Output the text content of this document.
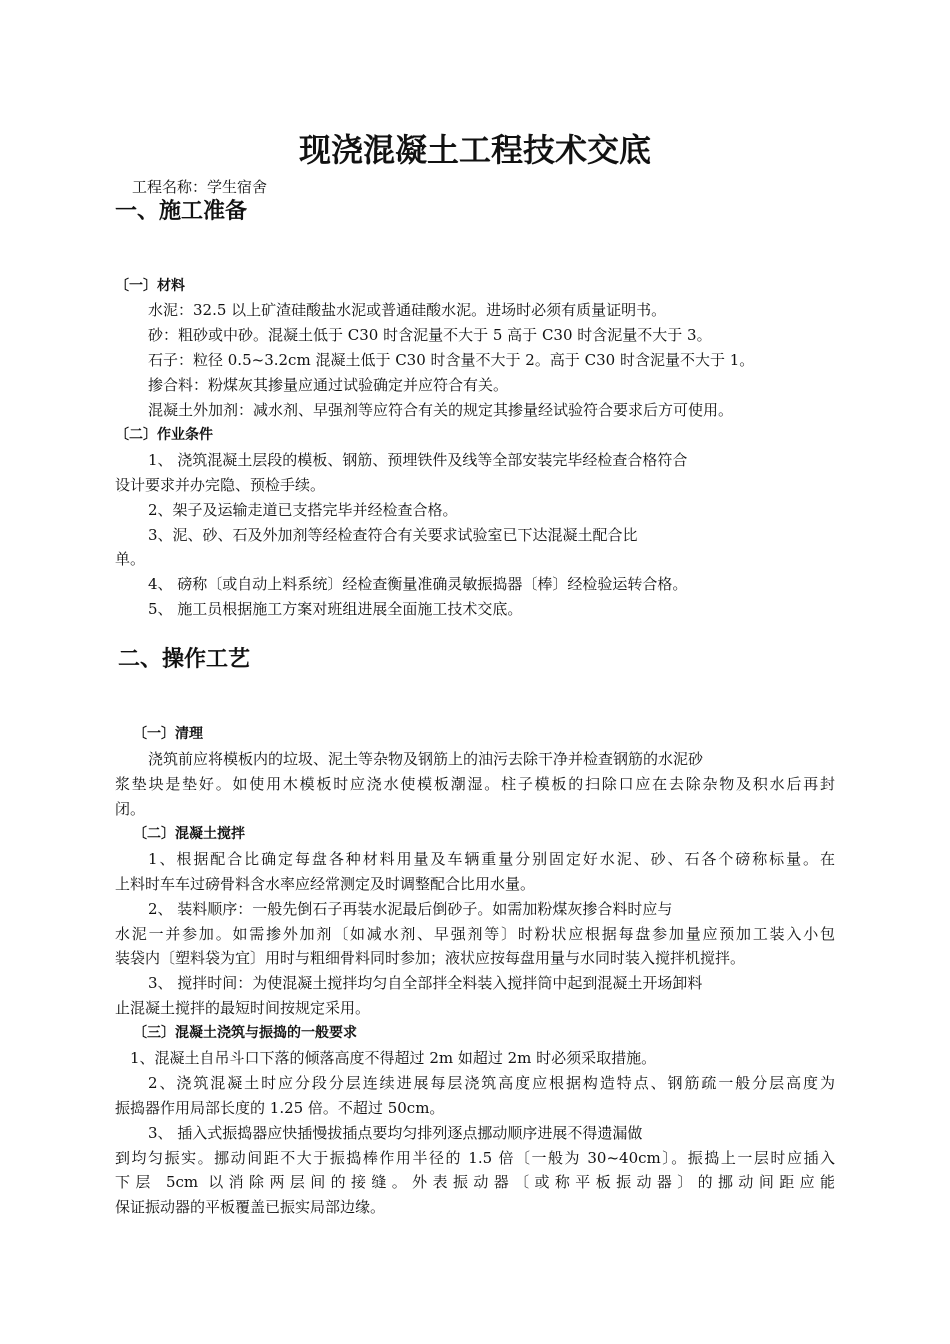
现浇混凝土工程技术交底
工程名称：学生宿舍
一、施工准备
〔一〕材料
水泥：32.5 以上矿渣硅酸盐水泥或普通硅酸水泥。进场时必须有质量证明书。
砂：粗砂或中砂。混凝土低于 C30 时含泥量不大于 5 高于 C30 时含泥量不大于 3。
石子：粒径 0.5~3.2cm 混凝土低于 C30 时含量不大于 2。高于 C30 时含泥量不大于 1。
掺合料：粉煤灰其掺量应通过试验确定并应符合有关。
混凝土外加剂：减水剂、早强剂等应符合有关的规定其掺量经试验符合要求后方可使用。
〔二〕作业条件
1、 浇筑混凝土层段的模板、钢筋、预埋铁件及线等全部安装完毕经检查合格符合
设计要求并办完隐、预检手续。
2、架子及运输走道已支搭完毕并经检查合格。
3、泥、砂、石及外加剂等经检查符合有关要求试验室已下达混凝土配合比
单。
4、 磅称〔或自动上料系统〕经检查衡量准确灵敏振捣器〔棒〕经检验运转合格。
5、 施工员根据施工方案对班组进展全面施工技术交底。
二、操作工艺
〔一〕清理
浇筑前应将模板内的垃圾、泥土等杂物及钢筋上的油污去除干净并检查钢筋的水泥砂
浆垫块是垫好。如使用木模板时应浇水使模板潮湿。柱子模板的扫除口应在去除杂物及积水后再封
闭。
〔二〕混凝土搅拌
1、根据配合比确定每盘各种材料用量及车辆重量分别固定好水泥、砂、石各个磅称标量。在
上料时车车过磅骨料含水率应经常测定及时调整配合比用水量。
2、 装料顺序：一般先倒石子再装水泥最后倒砂子。如需加粉煤灰掺合料时应与
水泥一并参加。如需掺外加剂〔如减水剂、早强剂等〕时粉状应根据每盘参加量应预加工装入小包
装袋内〔塑料袋为宜〕用时与粗细骨料同时参加；液状应按每盘用量与水同时装入搅拌机搅拌。
3、 搅拌时间：为使混凝土搅拌均匀自全部拌全料装入搅拌筒中起到混凝土开场卸料
止混凝土搅拌的最短时间按规定采用。
〔三〕混凝土浇筑与振捣的一般要求
1、混凝土自吊斗口下落的倾落高度不得超过 2m 如超过 2m 时必须采取措施。
2、浇筑混凝土时应分段分层连续进展每层浇筑高度应根据构造特点、钢筋疏一般分层高度为
振捣器作用局部长度的 1.25 倍。不超过 50cm。
3、 插入式振捣器应快插慢拔插点要均匀排列逐点挪动顺序进展不得遗漏做
到均匀振实。挪动间距不大于振捣棒作用半径的 1.5 倍〔一般为 30~40cm〕。振捣上一层时应插入
下层 5cm 以消除两层间的接缝。外表振动器〔或称平板振动器〕的挪动间距应能
保证振动器的平板覆盖已振实局部边缘。
